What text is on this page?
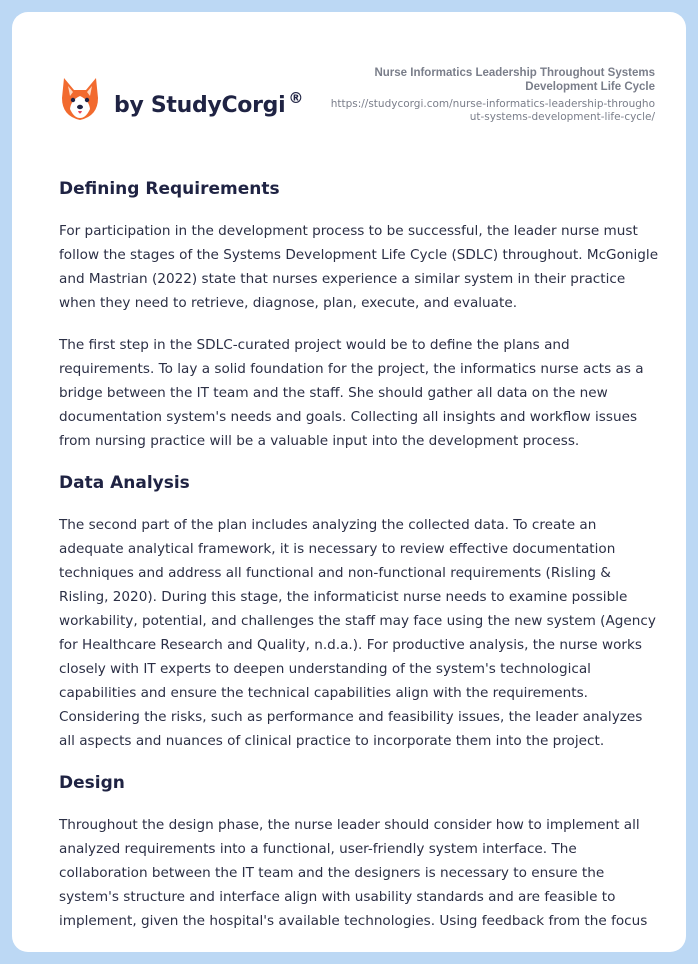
by StudyCorgi ®
Nurse Informatics Leadership Throughout Systems Development Life Cycle
https://studycorgi.com/nurse-informatics-leadership-throughout-systems-development-life-cycle/
Defining Requirements

For participation in the development process to be successful, the leader nurse must follow the stages of the Systems Development Life Cycle (SDLC) throughout. McGonigle and Mastrian (2022) state that nurses experience a similar system in their practice when they need to retrieve, diagnose, plan, execute, and evaluate.

The first step in the SDLC-curated project would be to define the plans and requirements. To lay a solid foundation for the project, the informatics nurse acts as a bridge between the IT team and the staff. She should gather all data on the new documentation system's needs and goals. Collecting all insights and workflow issues from nursing practice will be a valuable input into the development process.

Data Analysis

The second part of the plan includes analyzing the collected data. To create an adequate analytical framework, it is necessary to review effective documentation techniques and address all functional and non-functional requirements (Risling & Risling, 2020). During this stage, the informaticist nurse needs to examine possible workability, potential, and challenges the staff may face using the new system (Agency for Healthcare Research and Quality, n.d.a.). For productive analysis, the nurse works closely with IT experts to deepen understanding of the system's technological capabilities and ensure the technical capabilities align with the requirements. Considering the risks, such as performance and feasibility issues, the leader analyzes all aspects and nuances of clinical practice to incorporate them into the project.

Design

Throughout the design phase, the nurse leader should consider how to implement all analyzed requirements into a functional, user-friendly system interface. The collaboration between the IT team and the designers is necessary to ensure the system's structure and interface align with usability standards and are feasible to implement, given the hospital's available technologies. Using feedback from the focus
